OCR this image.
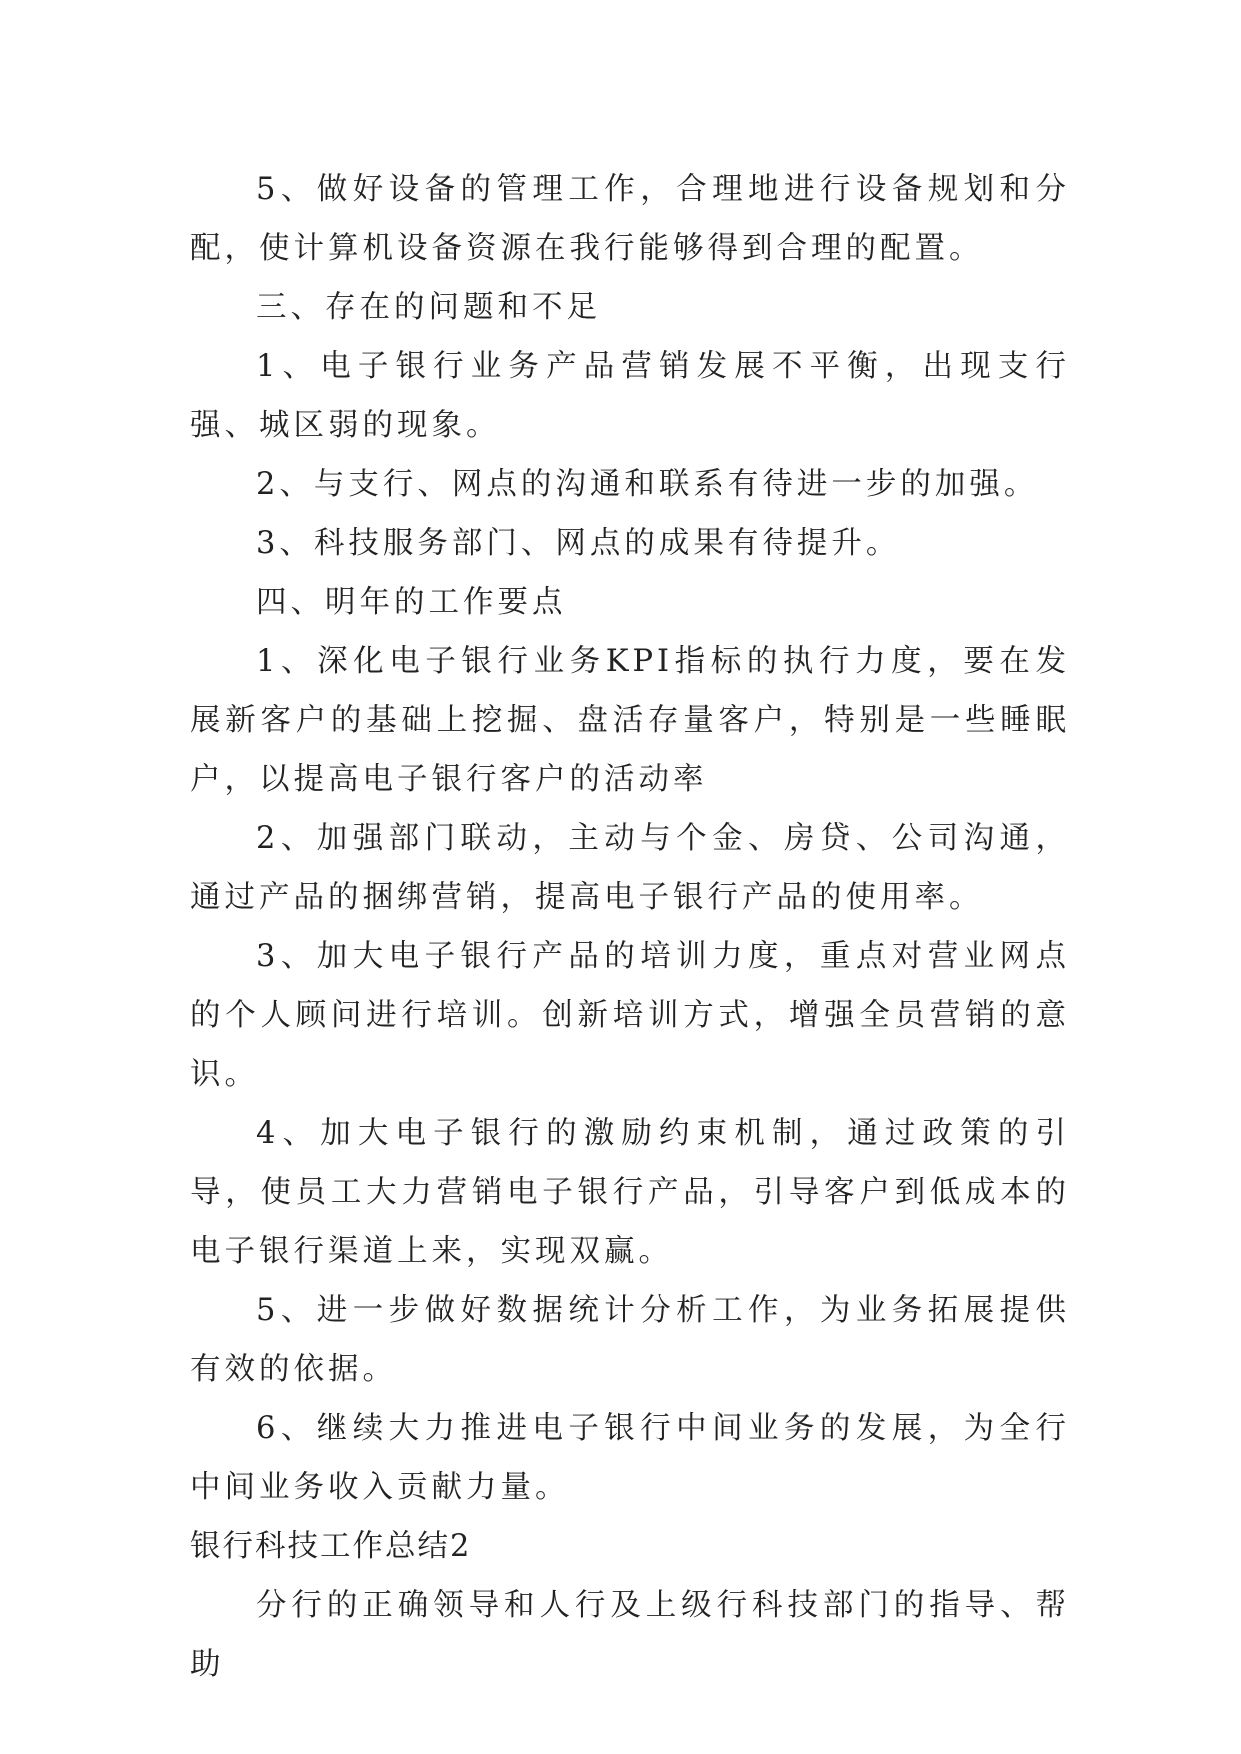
5、做好设备的管理工作，合理地进行设备规划和分配，使计算机设备资源在我行能够得到合理的配置。

三、存在的问题和不足

1、电子银行业务产品营销发展不平衡，出现支行强、城区弱的现象。

2、与支行、网点的沟通和联系有待进一步的加强。

3、科技服务部门、网点的成果有待提升。

四、明年的工作要点

1、深化电子银行业务KPI指标的执行力度，要在发展新客户的基础上挖掘、盘活存量客户，特别是一些睡眠户，以提高电子银行客户的活动率

2、加强部门联动，主动与个金、房贷、公司沟通，通过产品的捆绑营销，提高电子银行产品的使用率。

3、加大电子银行产品的培训力度，重点对营业网点的个人顾问进行培训。创新培训方式，增强全员营销的意识。

4、加大电子银行的激励约束机制，通过政策的引导，使员工大力营销电子银行产品，引导客户到低成本的电子银行渠道上来，实现双赢。

5、进一步做好数据统计分析工作，为业务拓展提供有效的依据。

6、继续大力推进电子银行中间业务的发展，为全行中间业务收入贡献力量。

银行科技工作总结2

分行的正确领导和人行及上级行科技部门的指导、帮助
